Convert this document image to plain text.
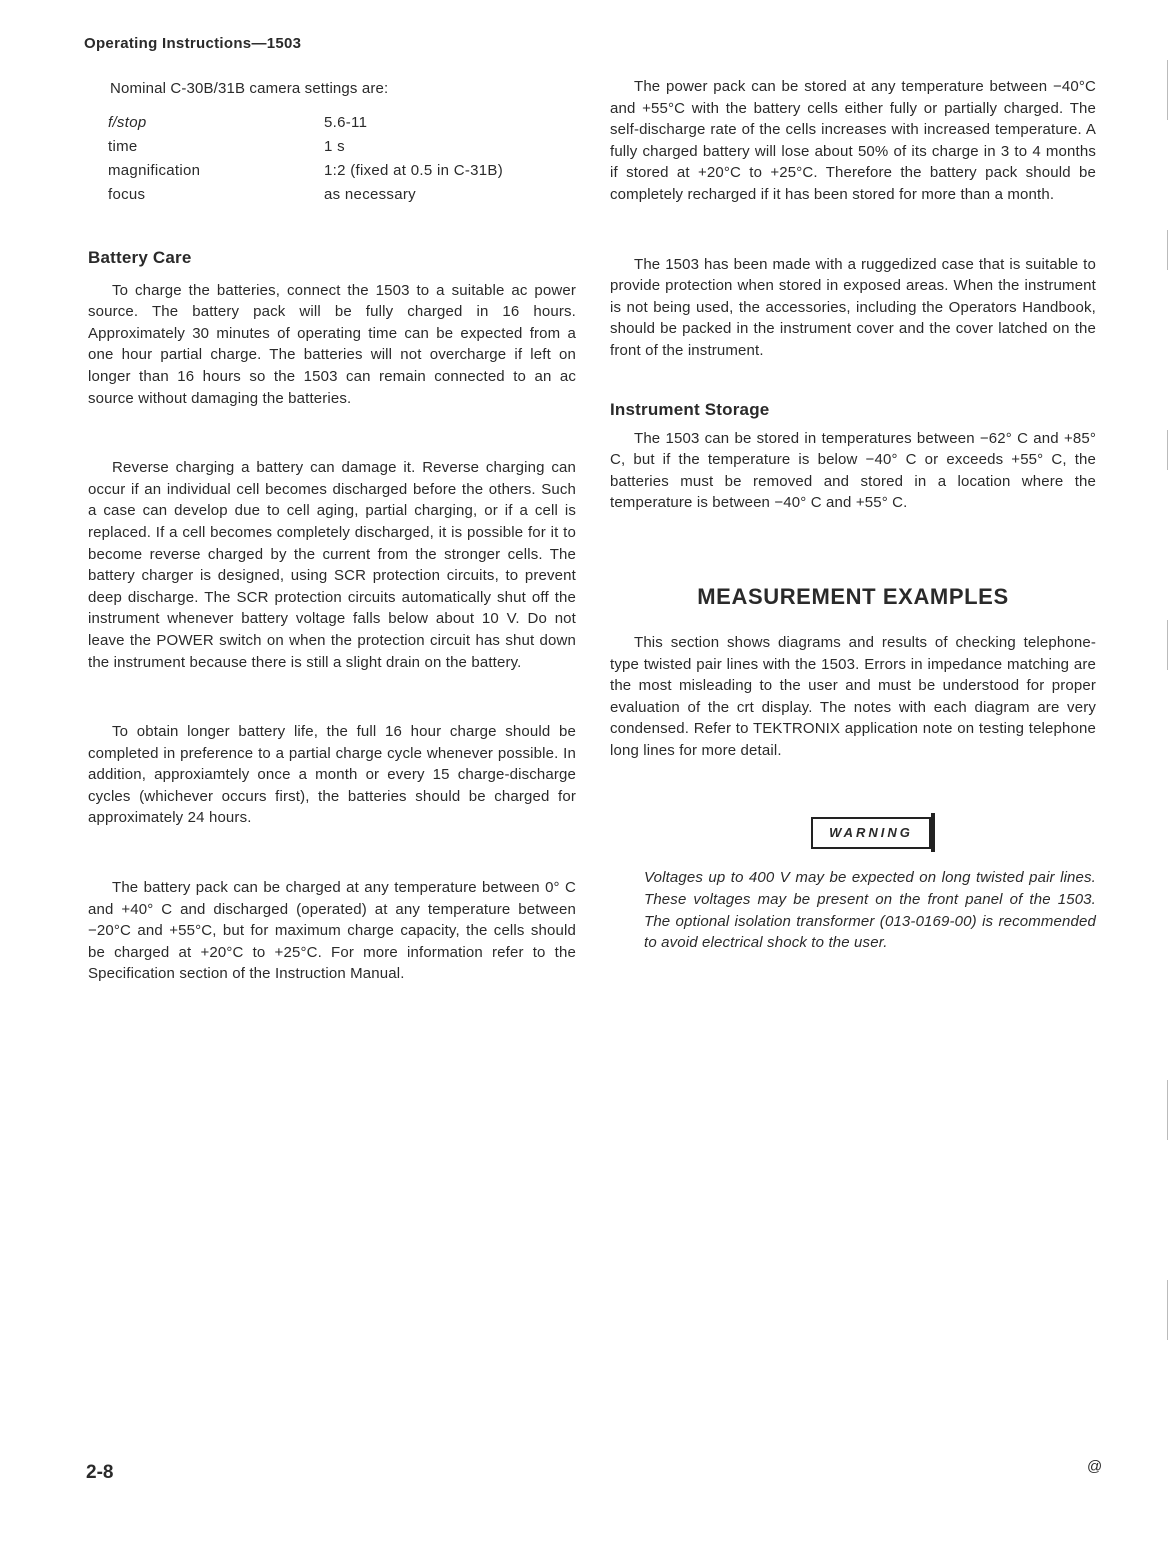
Operating Instructions—1503

Nominal C-30B/31B camera settings are:

f/stop	5.6-11
time	1 s
magnification	1:2 (fixed at 0.5 in C-31B)
focus	as necessary
Battery Care

To charge the batteries, connect the 1503 to a suitable ac power source. The battery pack will be fully charged in 16 hours. Approximately 30 minutes of operating time can be expected from a one hour partial charge. The batteries will not overcharge if left on longer than 16 hours so the 1503 can remain connected to an ac source without damaging the batteries.

Reverse charging a battery can damage it. Reverse charging can occur if an individual cell becomes discharged before the others. Such a case can develop due to cell aging, partial charging, or if a cell is replaced. If a cell becomes completely discharged, it is possible for it to become reverse charged by the current from the stronger cells. The battery charger is designed, using SCR protection circuits, to prevent deep discharge. The SCR protection circuits automatically shut off the instrument whenever battery voltage falls below about 10 V. Do not leave the POWER switch on when the protection circuit has shut down the instrument because there is still a slight drain on the battery.

To obtain longer battery life, the full 16 hour charge should be completed in preference to a partial charge cycle whenever possible. In addition, approxiamtely once a month or every 15 charge-discharge cycles (whichever occurs first), the batteries should be charged for approximately 24 hours.

The battery pack can be charged at any temperature between 0° C and +40° C and discharged (operated) at any temperature between −20°C and +55°C, but for maximum charge capacity, the cells should be charged at +20°C to +25°C. For more information refer to the Specification section of the Instruction Manual.

The power pack can be stored at any temperature between −40°C and +55°C with the battery cells either fully or partially charged. The self-discharge rate of the cells increases with increased temperature. A fully charged battery will lose about 50% of its charge in 3 to 4 months if stored at +20°C to +25°C. Therefore the battery pack should be completely recharged if it has been stored for more than a month.

The 1503 has been made with a ruggedized case that is suitable to provide protection when stored in exposed areas. When the instrument is not being used, the accessories, including the Operators Handbook, should be packed in the instrument cover and the cover latched on the front of the instrument.

Instrument Storage

The 1503 can be stored in temperatures between −62° C and +85° C, but if the temperature is below −40° C or exceeds +55° C, the batteries must be removed and stored in a location where the temperature is between −40° C and +55° C.

MEASUREMENT EXAMPLES

This section shows diagrams and results of checking telephone-type twisted pair lines with the 1503. Errors in impedance matching are the most misleading to the user and must be understood for proper evaluation of the crt display. The notes with each diagram are very condensed. Refer to TEKTRONIX application note on testing telephone long lines for more detail.

WARNING

Voltages up to 400 V may be expected on long twisted pair lines. These voltages may be present on the front panel of the 1503. The optional isolation transformer (013-0169-00) is recommended to avoid electrical shock to the user.

2-8	@
